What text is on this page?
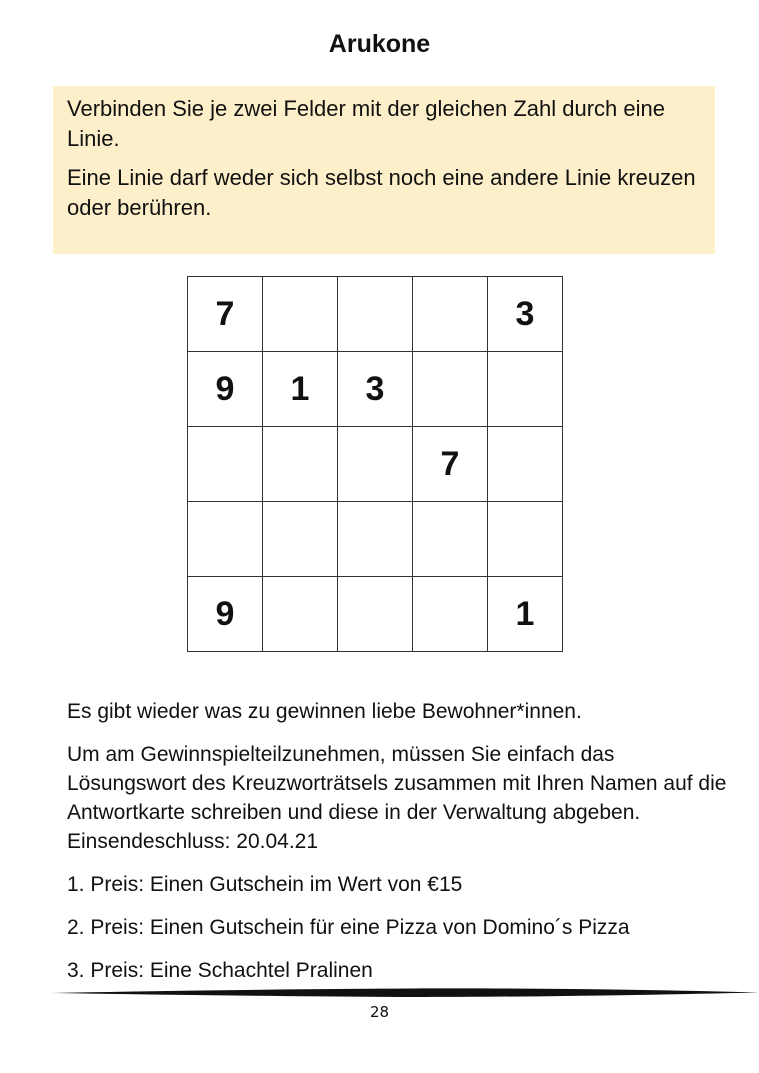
Arukone

Verbinden Sie je zwei Felder mit der gleichen Zahl durch eine Linie.

Eine Linie darf weder sich selbst noch eine andere Linie kreuzen oder berühren.

7				3
9	1	3		
			7	

9				1

Es gibt wieder was zu gewinnen liebe Bewohner*innen.

Um am Gewinnspielteilzunehmen, müssen Sie einfach das Lösungswort des Kreuzworträtsels zusammen mit Ihren Namen auf die Antwortkarte schreiben und diese in der Verwaltung abgeben. Einsendeschluss: 20.04.21

1. Preis: Einen Gutschein im Wert von €15

2. Preis: Einen Gutschein für eine Pizza von Domino´s Pizza

3. Preis: Eine Schachtel Pralinen

28
